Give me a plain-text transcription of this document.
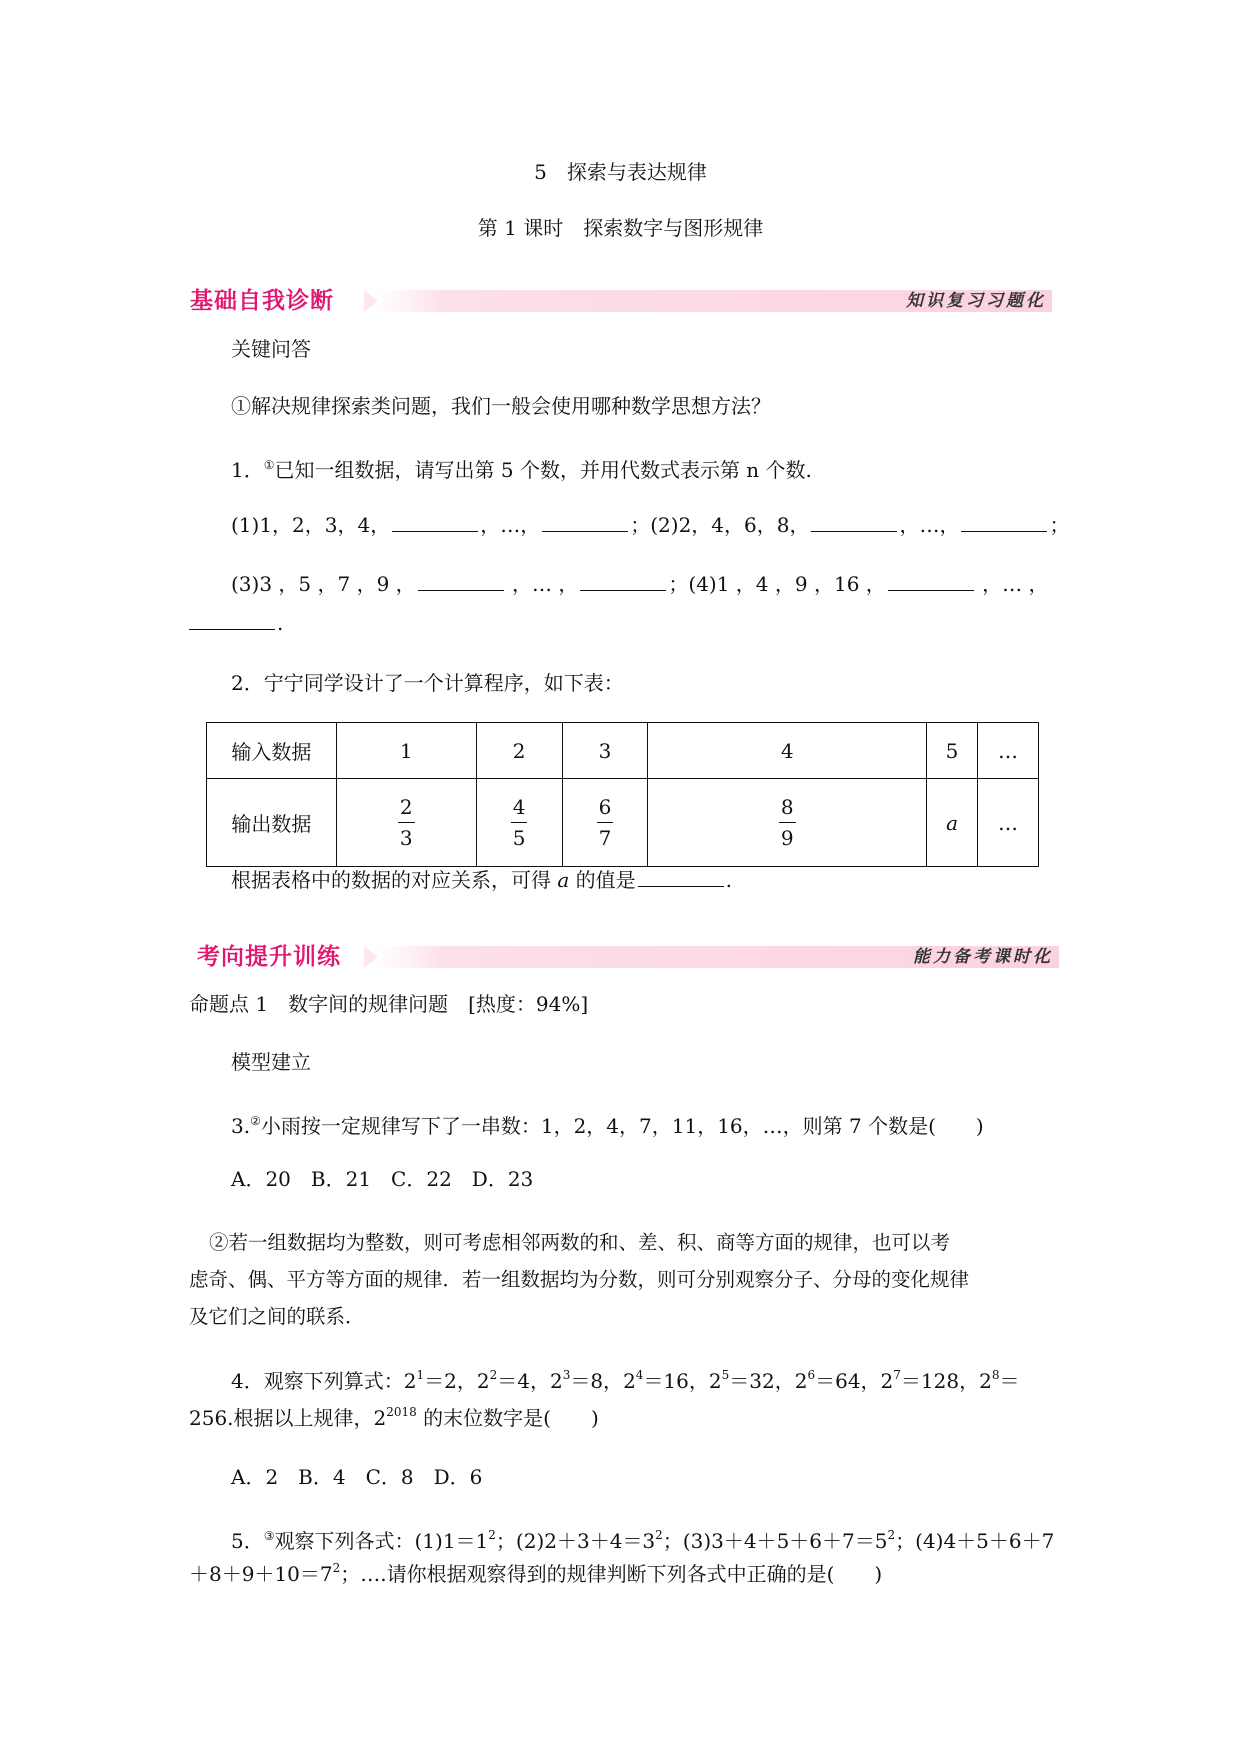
5　探索与表达规律
第 1 课时　探索数字与图形规律
基础自我诊断	知识复习习题化
关键问答
①解决规律探索类问题，我们一般会使用哪种数学思想方法？
1．①已知一组数据，请写出第 5 个数，并用代数式表示第 n 个数.
(1)1，2，3，4，	，…，	；(2)2，4，6，8，	，…，	；
(3)3 ，5 ，7 ，9 ，	，… ，	；(4)1 ，4 ，9 ，16 ，	，… ，
.
2．宁宁同学设计了一个计算程序，如下表：
输入数据	1	2	3	4	5	…
输出数据	$\frac{2}{3}$	$\frac{4}{5}$	$\frac{6}{7}$	$\frac{8}{9}$	a	…
根据表格中的数据的对应关系，可得 a 的值是	.
考向提升训练	能力备考课时化
命题点 1　数字间的规律问题　[热度：94%]
模型建立
3.②小雨按一定规律写下了一串数：1，2，4，7，11，16，…，则第 7 个数是(　　)
A．20　B．21　C．22　D．23
②若一组数据均为整数，则可考虑相邻两数的和、差、积、商等方面的规律，也可以考
虑奇、偶、平方等方面的规律．若一组数据均为分数，则可分别观察分子、分母的变化规律
及它们之间的联系．
4．观察下列算式：$2^1=2$，$2^2=4$，$2^3=8$，$2^4=16$，$2^5=32$，$2^6=64$，$2^7=128$，$2^8=$
256.根据以上规律，$2^{2018}$ 的末位数字是(　　)
A．2　B．4　C．8　D．6
5．③观察下列各式：$(1)1=1^2$；$(2)2+3+4=3^2$；$(3)3+4+5+6+7=5^2$；(4)4＋5＋6＋7
$+8+9+10=7^2$；….请你根据观察得到的规律判断下列各式中正确的是(　　)
